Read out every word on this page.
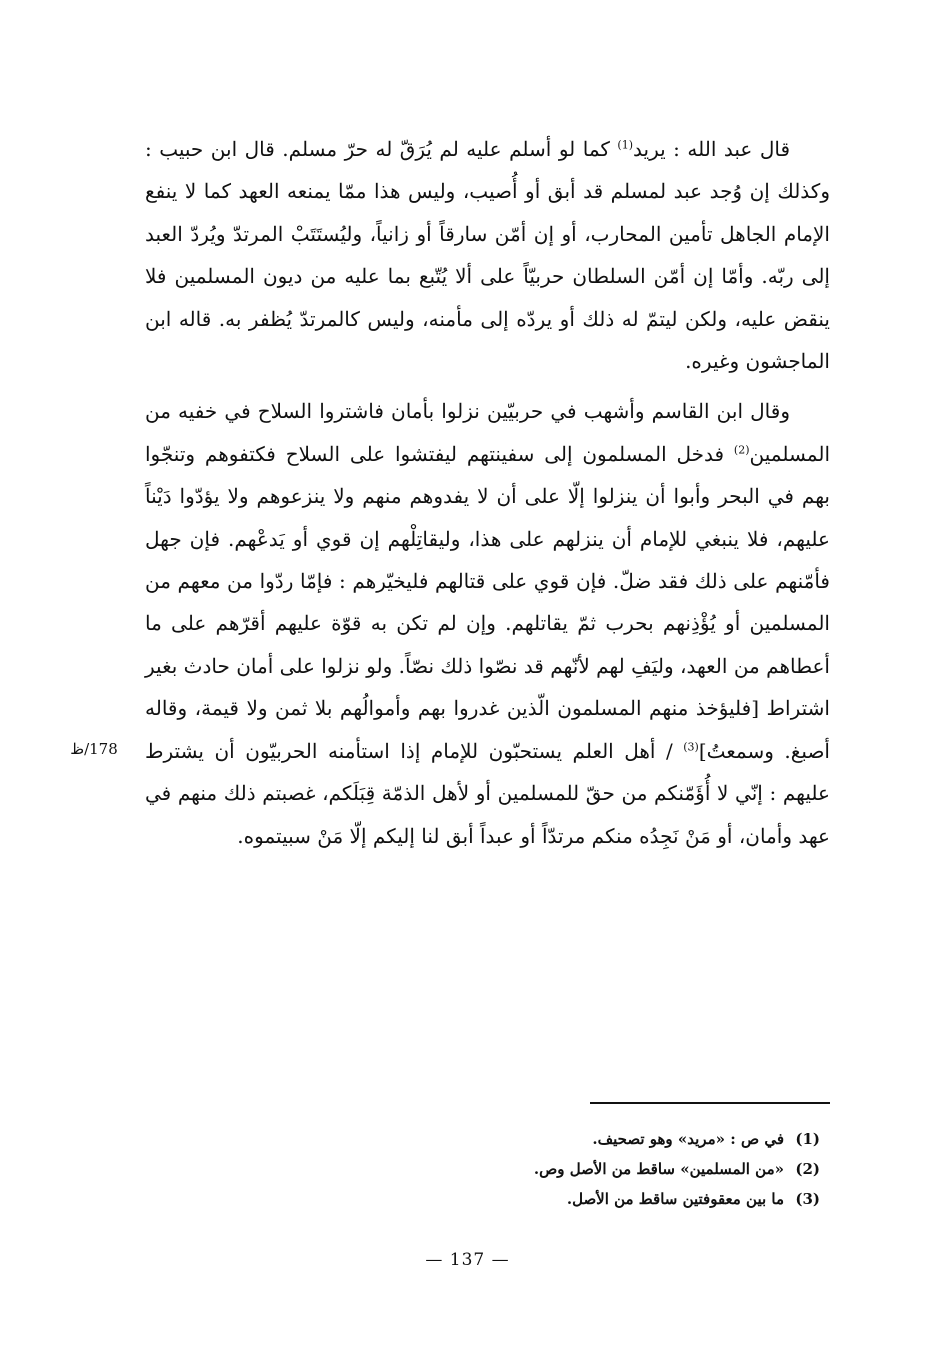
قال عبد الله : يريد$^{(1)}$ كما لو أسلم عليه لم يُرَقّ له حرّ مسلم. قال ابن حبيب : وكذلك إن وُجد عبد لمسلم قد أبق أو أُصيب، وليس هذا ممّا يمنعه العهد كما لا ينفع الإمام الجاهل تأمين المحارب، أو إن أمّن سارقاً أو زانياً، وليُستَتَبْ المرتدّ ويُردّ العبد إلى ربّه. وأمّا إن أمّن السلطان حربيّاً على ألا يُتّبع بما عليه من ديون المسلمين فلا ينقض عليه، ولكن ليتمّ له ذلك أو يردّه إلى مأمنه، وليس كالمرتدّ يُظفر به. قاله ابن الماجشون وغيره.

وقال ابن القاسم وأشهب في حربيّين نزلوا بأمان فاشتروا السلاح في خفيه من المسلمين$^{(2)}$ فدخل المسلمون إلى سفينتهم ليفتشوا على السلاح فكتفوهم وتنجّوا بهم في البحر وأبوا أن ينزلوا إلّا على أن لا يفدوهم منهم ولا ينزعوهم ولا يؤدّوا دَيْناً عليهم، فلا ينبغي للإمام أن ينزلهم على هذا، وليقاتِلْهم إن قوي أو يَدعْهم. فإن جهل فأمّنهم على ذلك فقد ضلّ. فإن قوي على قتالهم فليخيّرهم : فإمّا ردّوا من معهم من المسلمين أو يُؤْذِنهم بحرب ثمّ يقاتلهم. وإن لم تكن به قوّة عليهم أقرّهم على ما أعطاهم من العهد، وليَفِ لهم لأنّهم قد نصّوا ذلك نصّاً. ولو نزلوا على أمان حادث بغير اشتراط [فليؤخذ منهم المسلمون الّذين غدروا بهم وأموالُهم بلا ثمن ولا قيمة، وقاله أصبغ. وسمعتُ]$^{(3)}$ / أهل العلم يستحبّون للإمام إذا استأمنه الحربيّون أن يشترط عليهم : إنّي لا أُؤَمّنكم من حقّ للمسلمين أو لأهل الذمّة قِبَلَكم، غصبتم ذلك منهم في عهد وأمان، أو مَنْ نَجِدُه منكم مرتدّاً أو عبداً أبق لنا إليكم إلّا مَنْ سبيتموه.

178/ظ
(1)
في ص : «مريد» وهو تصحيف.
(2)
«من المسلمين» ساقط من الأصل وص.
(3)
ما بين معقوفتين ساقط من الأصل.
— 137 —
